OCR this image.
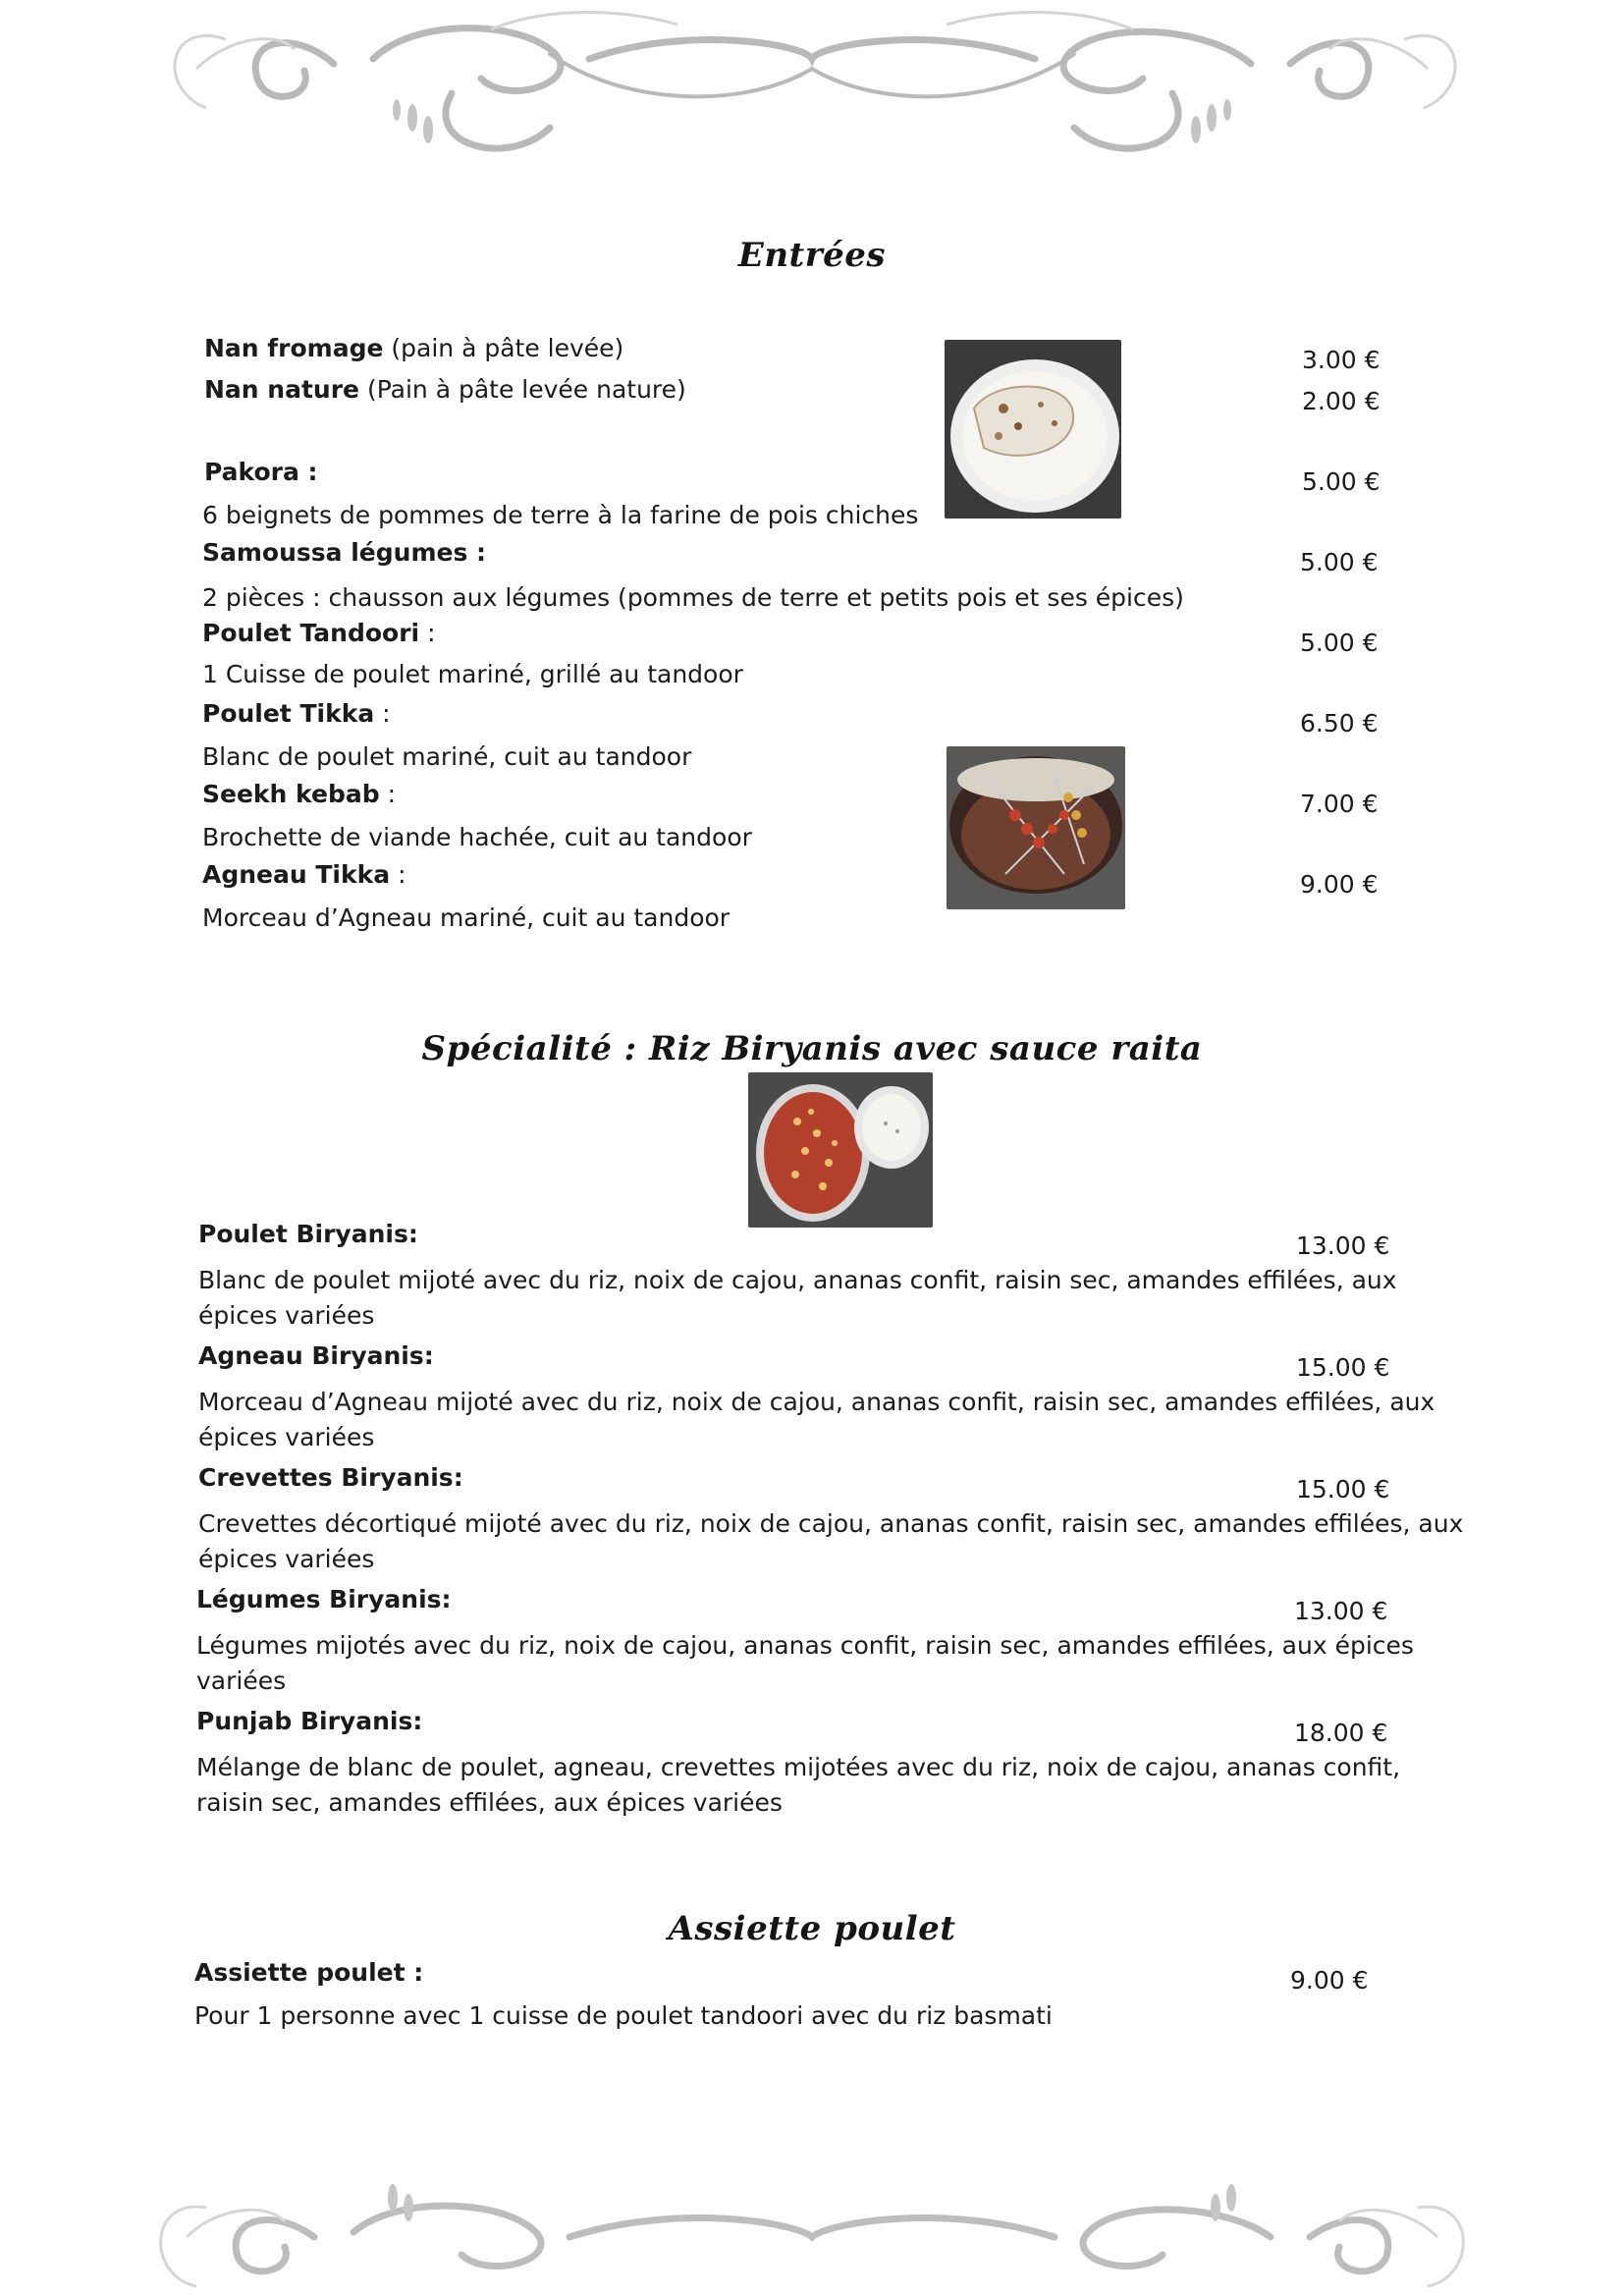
Entrées
Nan fromage (pain à pâte levée)	3.00 €
Nan nature (Pain à pâte levée nature)	2.00 €
Pakora :	5.00 €
6 beignets de pommes de terre à la farine de pois chiches
Samoussa légumes :	5.00 €
2 pièces : chausson aux légumes (pommes de terre et petits pois et ses épices)
Poulet Tandoori :	5.00 €
1 Cuisse de poulet mariné, grillé au tandoor
Poulet Tikka :	6.50 €
Blanc de poulet mariné, cuit au tandoor
Seekh kebab :	7.00 €
Brochette de viande hachée, cuit au tandoor
Agneau Tikka :	9.00 €
Morceau d’Agneau mariné, cuit au tandoor
Spécialité : Riz Biryanis avec sauce raita
Poulet Biryanis:	13.00 €
Blanc de poulet mijoté avec du riz, noix de cajou, ananas confit, raisin sec, amandes effilées, aux épices variées
Agneau Biryanis:	15.00 €
Morceau d’Agneau mijoté avec du riz, noix de cajou, ananas confit, raisin sec, amandes effilées, aux épices variées
Crevettes Biryanis:	15.00 €
Crevettes décortiqué mijoté avec du riz, noix de cajou, ananas confit, raisin sec, amandes effilées, aux épices variées
Légumes Biryanis:	13.00 €
Légumes mijotés avec du riz, noix de cajou, ananas confit, raisin sec, amandes effilées, aux épices variées
Punjab Biryanis:	18.00 €
Mélange de blanc de poulet, agneau, crevettes mijotées avec du riz, noix de cajou, ananas confit, raisin sec, amandes effilées, aux épices variées
Assiette poulet
Assiette poulet :	9.00 €
Pour 1 personne avec 1 cuisse de poulet tandoori avec du riz basmati
